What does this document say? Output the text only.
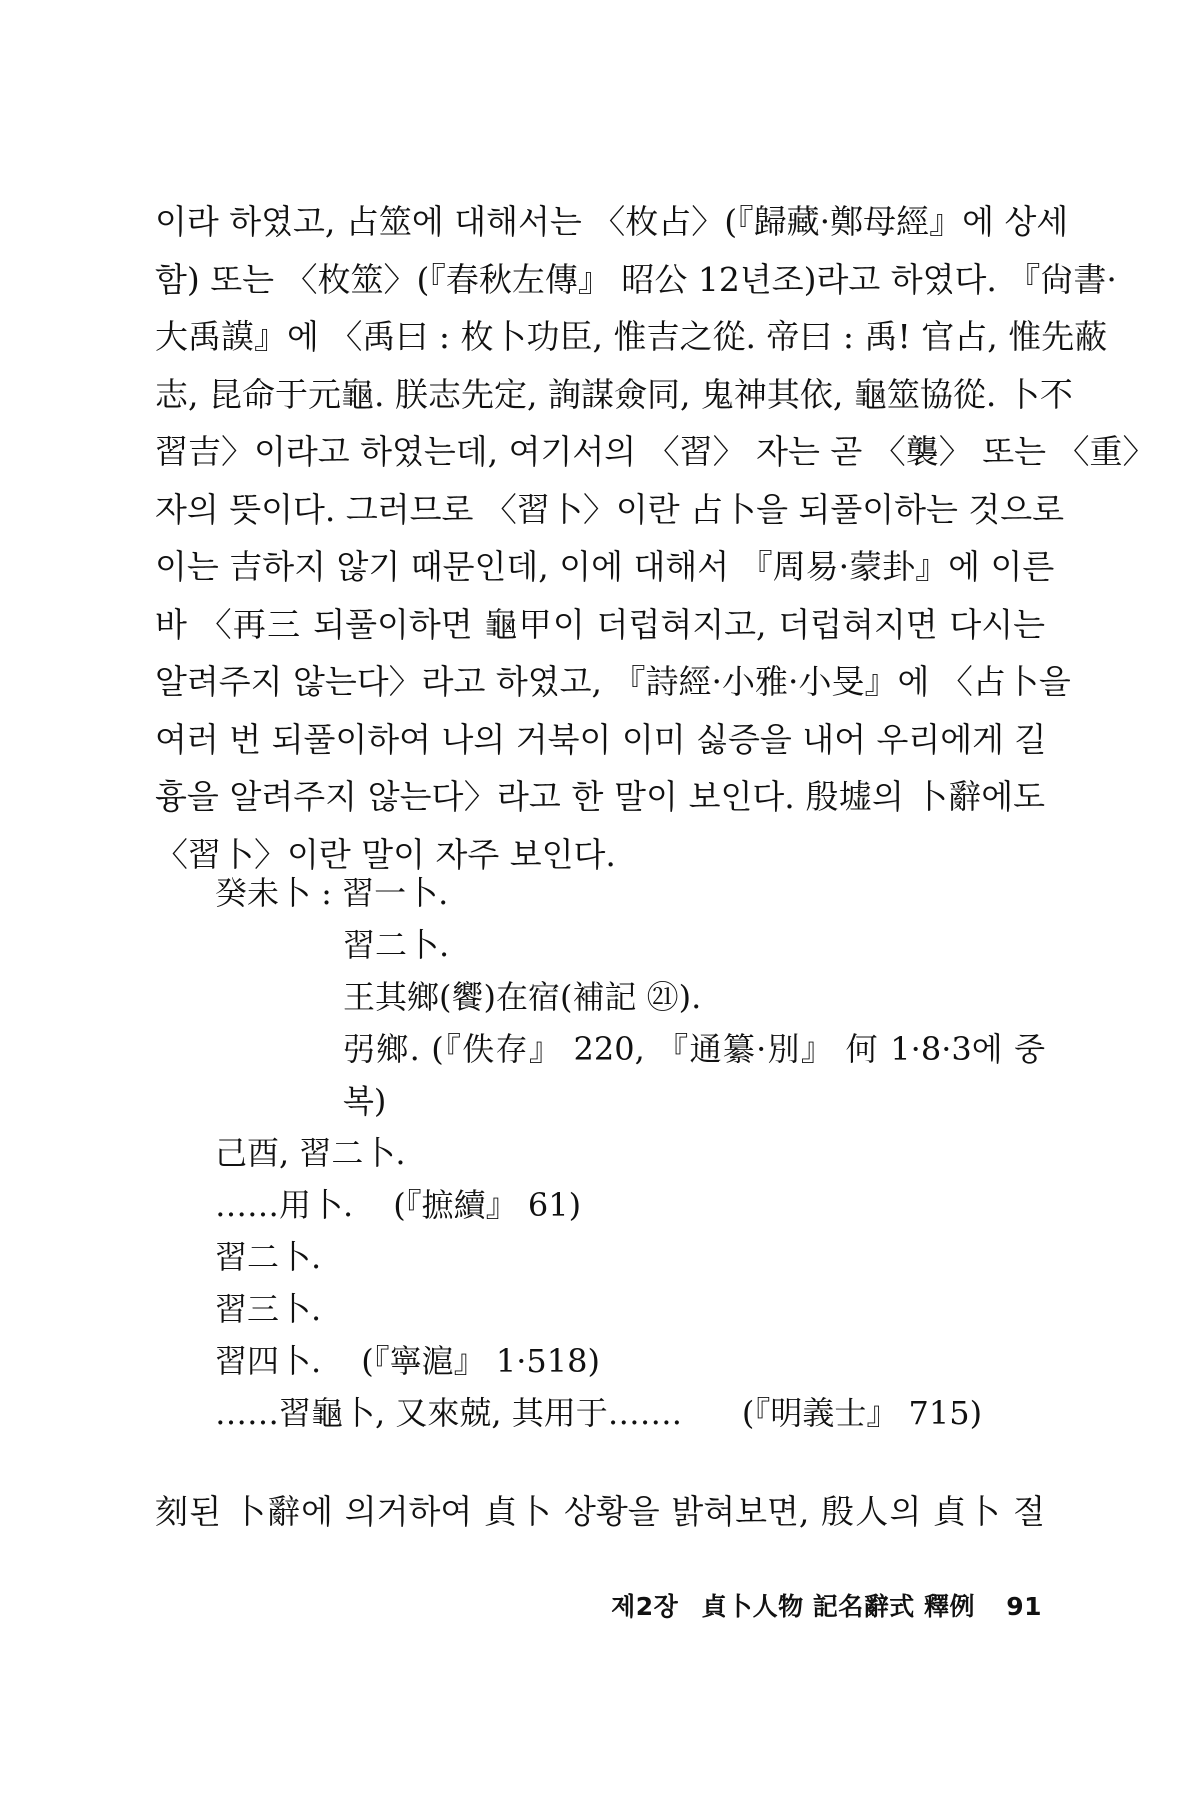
이라 하였고, 占筮에 대해서는 〈枚占〉(『歸藏·鄭母經』에 상세
함) 또는 〈枚筮〉(『春秋左傳』 昭公 12년조)라고 하였다. 『尙書·
大禹謨』에 〈禹曰 : 枚卜功臣, 惟吉之從. 帝曰 : 禹! 官占, 惟先蔽
志, 昆命于元龜. 朕志先定, 詢謀僉同, 鬼神其依, 龜筮協從. 卜不
習吉〉이라고 하였는데, 여기서의 〈習〉 자는 곧 〈襲〉 또는 〈重〉
자의 뜻이다. 그러므로 〈習卜〉이란 占卜을 되풀이하는 것으로
이는 吉하지 않기 때문인데, 이에 대해서 『周易·蒙卦』에 이른
바 〈再三 되풀이하면 龜甲이 더럽혀지고, 더럽혀지면 다시는
알려주지 않는다〉라고 하였고, 『詩經·小雅·小旻』에 〈占卜을
여러 번 되풀이하여 나의 거북이 이미 싫증을 내어 우리에게 길
흉을 알려주지 않는다〉라고 한 말이 보인다. 殷墟의 卜辭에도
〈習卜〉이란 말이 자주 보인다.
癸未卜 : 習一卜.
習二卜.
王其鄉(饗)在宿(補記 ㉑).
弜鄉. (『佚存』 220, 『通纂·別』 何 1·8·3에 중
복)
己酉, 習二卜.
……用卜. (『摭續』 61)
習二卜.
習三卜.
習四卜. (『寧滬』 1·518)
……習龜卜, 又來兢, 其用于……. (『明義士』 715)
刻된 卜辭에 의거하여 貞卜 상황을 밝혀보면, 殷人의 貞卜 절
제2장 貞卜人物 記名辭式 釋例 91
